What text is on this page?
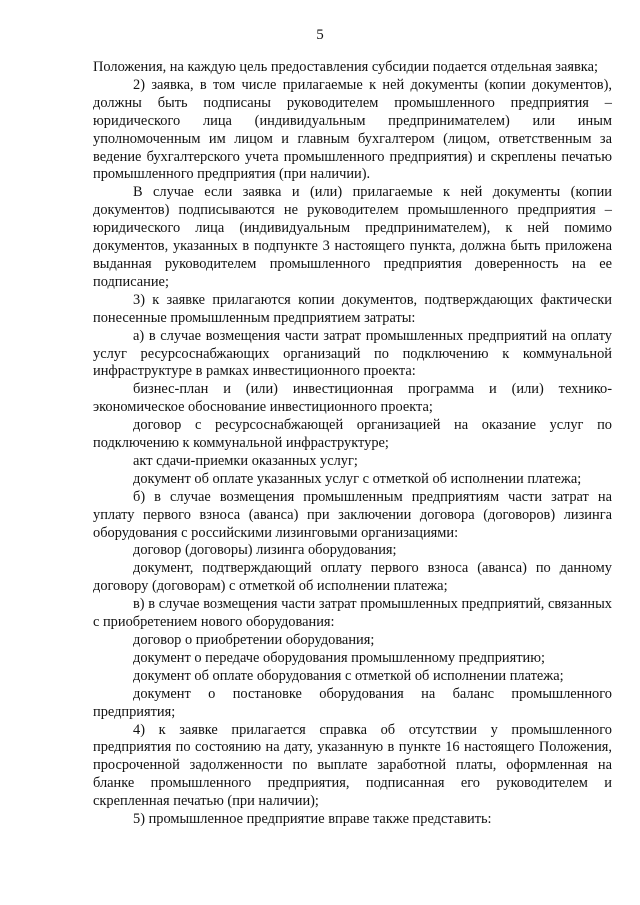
5

Положения, на каждую цель предоставления субсидии подается отдельная заявка;

2) заявка, в том числе прилагаемые к ней документы (копии документов), должны быть подписаны руководителем промышленного предприятия – юридического лица (индивидуальным предпринимателем) или иным уполномоченным им лицом и главным бухгалтером (лицом, ответственным за ведение бухгалтерского учета промышленного предприятия) и скреплены печатью промышленного предприятия (при наличии).

В случае если заявка и (или) прилагаемые к ней документы (копии документов) подписываются не руководителем промышленного предприятия – юридического лица (индивидуальным предпринимателем), к ней помимо документов, указанных в подпункте 3 настоящего пункта, должна быть приложена выданная руководителем промышленного предприятия доверенность на ее подписание;

3) к заявке прилагаются копии документов, подтверждающих фактически понесенные промышленным предприятием затраты:

а) в случае возмещения части затрат промышленных предприятий на оплату услуг ресурсоснабжающих организаций по подключению к коммунальной инфраструктуре в рамках инвестиционного проекта:

бизнес-план и (или) инвестиционная программа и (или) технико-экономическое обоснование инвестиционного проекта;

договор с ресурсоснабжающей организацией на оказание услуг по подключению к коммунальной инфраструктуре;

акт сдачи-приемки оказанных услуг;

документ об оплате указанных услуг с отметкой об исполнении платежа;

б) в случае возмещения промышленным предприятиям части затрат на уплату первого взноса (аванса) при заключении договора (договоров) лизинга оборудования с российскими лизинговыми организациями:

договор (договоры) лизинга оборудования;

документ, подтверждающий оплату первого взноса (аванса) по данному договору (договорам) с отметкой об исполнении платежа;

в) в случае возмещения части затрат промышленных предприятий, связанных с приобретением нового оборудования:

договор о приобретении оборудования;

документ о передаче оборудования промышленному предприятию;

документ об оплате оборудования с отметкой об исполнении платежа;

документ о постановке оборудования на баланс промышленного предприятия;

4) к заявке прилагается справка об отсутствии у промышленного предприятия по состоянию на дату, указанную в пункте 16 настоящего Положения, просроченной задолженности по выплате заработной платы, оформленная на бланке промышленного предприятия, подписанная его руководителем и скрепленная печатью (при наличии);

5) промышленное предприятие вправе также представить:
